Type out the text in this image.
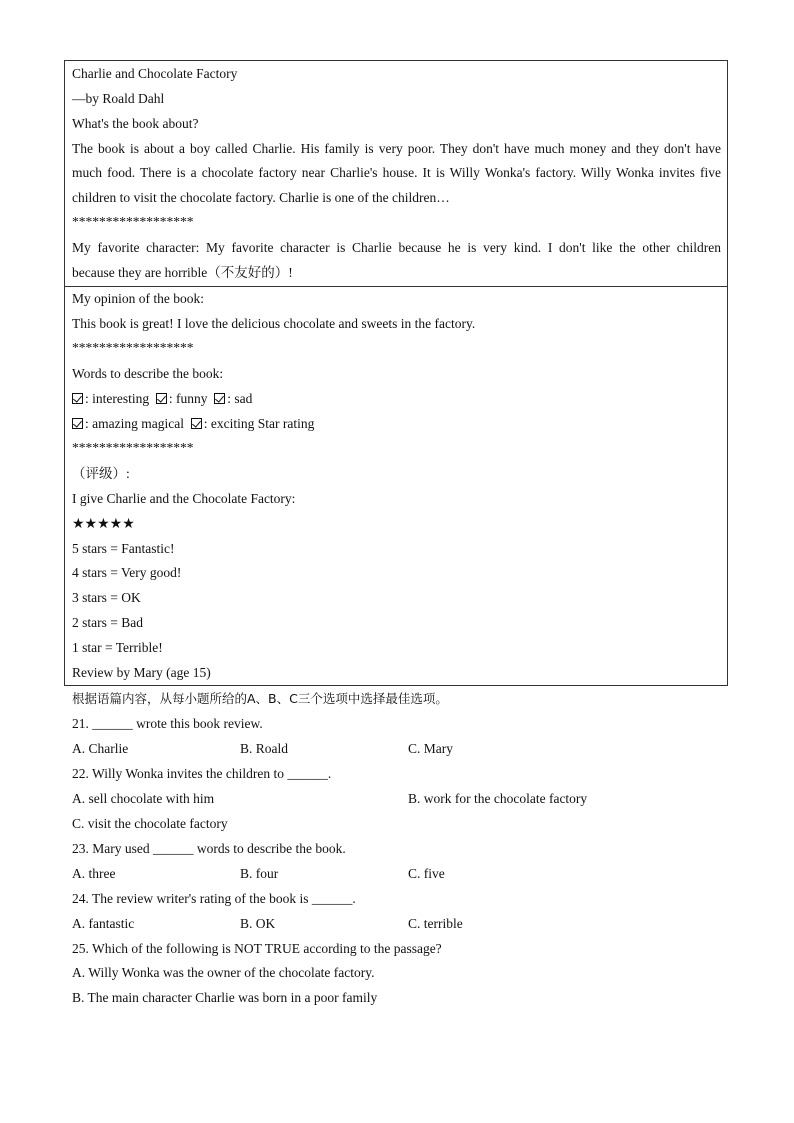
Charlie and Chocolate Factory
—by Roald Dahl
What's the book about?
The book is about a boy called Charlie. His family is very poor. They don't have much money and they don't have
much food. There is a chocolate factory near Charlie's house. It is Willy Wonka's factory. Willy Wonka invites five
children to visit the chocolate factory. Charlie is one of the children…
******************
My favorite character: My favorite character is Charlie because he is very kind. I don't like the other children
because they are horrible（不友好的）!
My opinion of the book:
This book is great! I love the delicious chocolate and sweets in the factory.
******************
Words to describe the book:
: interesting : funny : sad
: amazing magical : exciting Star rating
******************
（评级）:
I give Charlie and the Chocolate Factory:
★★★★★
5 stars = Fantastic!
4 stars = Very good!
3 stars = OK
2 stars = Bad
1 star = Terrible!
Review by Mary (age 15)
根据语篇内容，从每小题所给的A、B、C三个选项中选择最佳选项。
21. ______ wrote this book review.
A. Charlie	B. Roald	C. Mary
22. Willy Wonka invites the children to ______.
A. sell chocolate with him	B. work for the chocolate factory
C. visit the chocolate factory
23. Mary used ______ words to describe the book.
A. three	B. four	C. five
24. The review writer's rating of the book is ______.
A. fantastic	B. OK	C. terrible
25. Which of the following is NOT TRUE according to the passage?
A. Willy Wonka was the owner of the chocolate factory.
B. The main character Charlie was born in a poor family
